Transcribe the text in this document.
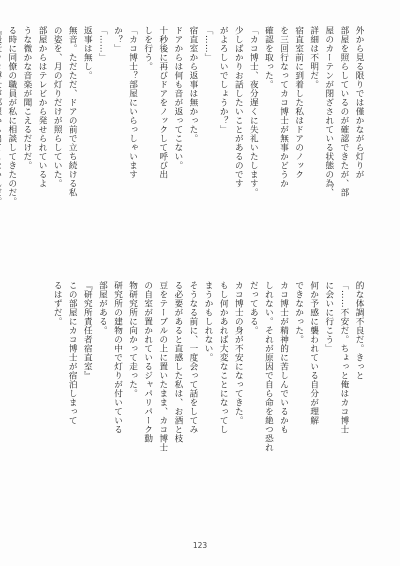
外から見る限りでは僅かながら灯りが
部屋を照らしているのが確認できたが、部
屋のカーテンが閉ざされている状態の為、
詳細は不明だ。
宿直室前に到着した私はドアのノック
を三回行なってカコ博士が無事かどうか
確認を取った。
「カコ博士、夜分遅くに失礼いたします。
少しばかりお話したいことがあるのです
がよろしいでしょうか？」
「……」
宿直室から返事は無かった。
ドアからは何も音が返ってこない。
十秒後に再びドアをノックして呼び出
しを行う。
「カコ博士？部屋にいらっしゃいます
か？」
「……」
返事は無し。
無音。ただただ、ドアの前で立ち続ける私
の姿を、月の灯りだけが照らしていた。
部屋からはテレビから発せられているよ
うな微かな音楽が聞こえるだけだ。
る時に同僚の職員が私に相談してきたのだ。
的な体調不良だ。きっと
「……不安だ。ちょっと俺はカコ博士
に会いに行こう」
何か予感に襲われている自分が理解
できなかった。
カコ博士が精神的に苦しんでいるかも
しれない。それが原因で自ら命を絶つ恐れ
だってある。
カコ博士の身が不安になってきた。
もし何かあれば大変なことになってし
まうかもしれない。
そうなる前に、一度会って話をしてみ
る必要があると直感した私は、お酒と枝
豆をテーブルの上に置いたまま、カコ博士
の自室が置かれているジャパリパーク動
物研究所に向かって走った。
研究所の建物の中で灯りが付いている
部屋がある。
『研究所責任者宿直室』
この部屋にカコ博士が宿泊しまって
るはずだ。
123
